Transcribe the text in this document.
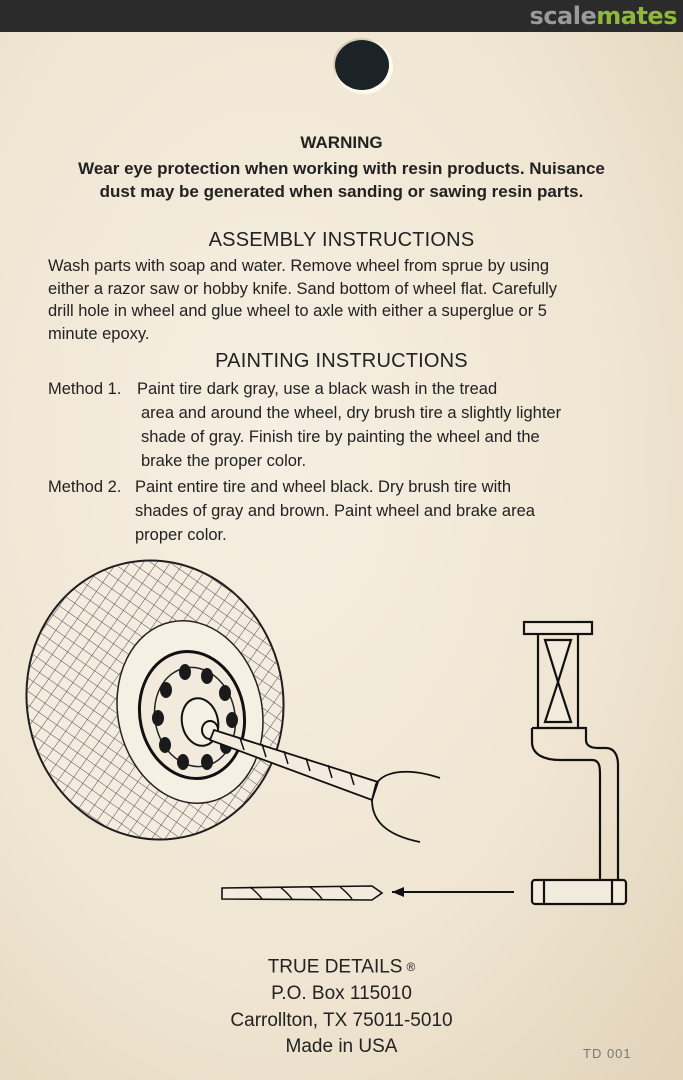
scalemates
WARNING
Wear eye protection when working with resin products. Nuisance
dust may be generated when sanding or sawing resin parts.
ASSEMBLY INSTRUCTIONS
Wash parts with soap and water. Remove wheel from sprue by using
either a razor saw or hobby knife. Sand bottom of wheel flat. Carefully
drill hole in wheel and glue wheel to axle with either a superglue or 5
minute epoxy.
PAINTING INSTRUCTIONS
Method 1. Paint tire dark gray, use a black wash in the tread
area and around the wheel, dry brush tire a slightly lighter
shade of gray. Finish tire by painting the wheel and the
brake the proper color.
Method 2. Paint entire tire and wheel black. Dry brush tire with
shades of gray and brown. Paint wheel and brake area
proper color.
TRUE DETAILS ®
P.O. Box 115010
Carrollton, TX 75011-5010
Made in USA	TD 001
